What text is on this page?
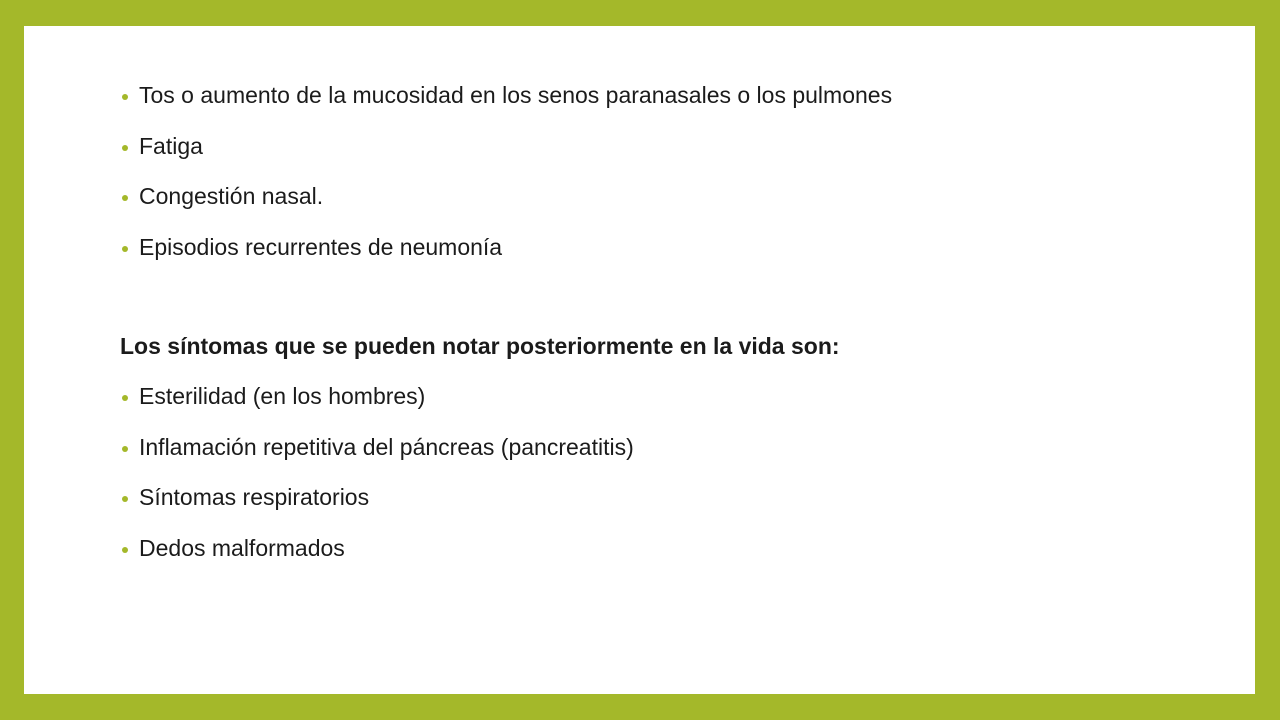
Tos o aumento de la mucosidad en los senos paranasales o los pulmones
Fatiga
Congestión nasal.
Episodios recurrentes de neumonía
Los síntomas que se pueden notar posteriormente en la vida son:
Esterilidad (en los hombres)
Inflamación repetitiva del páncreas (pancreatitis)
Síntomas respiratorios
Dedos malformados
